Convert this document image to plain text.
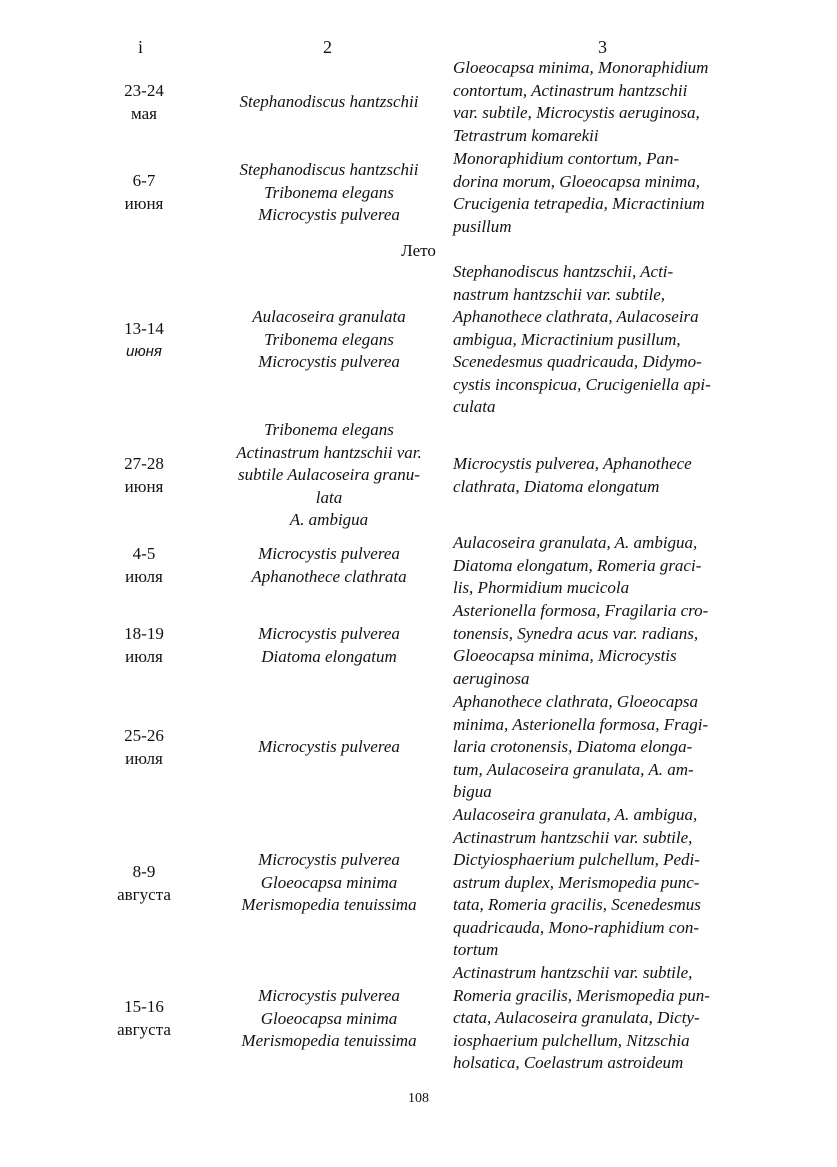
i	2	3
23-24
мая
Stephanodiscus hantzschii
Gloeocapsa minima, Monoraphidium
contortum, Actinastrum hantzschii
var. subtile, Microcystis aeruginosa,
Tetrastrum komarekii
6-7
июня
Stephanodiscus hantzschii
Tribonema elegans
Microcystis pulverea
Monoraphidium contortum, Pan-
dorina morum, Gloeocapsa minima,
Crucigenia tetrapedia, Micractinium
pusillum
Лето
13-14
июня
Aulacoseira granulata
Tribonema elegans
Microcystis pulverea
Stephanodiscus hantzschii, Acti-
nastrum hantzschii var. subtile,
Aphanothece clathrata, Aulacoseira
ambigua, Micractinium pusillum,
Scenedesmus quadricauda, Didymo-
cystis inconspicua, Crucigeniella api-
culata
27-28
июня
Tribonema elegans
Actinastrum hantzschii var.
subtile Aulacoseira granu-
lata
A. ambigua
Microcystis pulverea, Aphanothece
clathrata, Diatoma elongatum
4-5
июля
Microcystis pulverea
Aphanothece clathrata
Aulacoseira granulata, A. ambigua,
Diatoma elongatum, Romeria graci-
lis, Phormidium mucicola
18-19
июля
Microcystis pulverea
Diatoma elongatum
Asterionella formosa, Fragilaria cro-
tonensis, Synedra acus var. radians,
Gloeocapsa minima, Microcystis
aeruginosa
25-26
июля
Microcystis pulverea
Aphanothece clathrata, Gloeocapsa
minima, Asterionella formosa, Fragi-
laria crotonensis, Diatoma elonga-
tum, Aulacoseira granulata, A. am-
bigua
8-9
августа
Microcystis pulverea
Gloeocapsa minima
Merismopedia tenuissima
Aulacoseira granulata, A. ambigua,
Actinastrum hantzschii var. subtile,
Dictyiosphaerium pulchellum, Pedi-
astrum duplex, Merismopedia punc-
tata, Romeria gracilis, Scenedesmus
quadricauda, Mono-raphidium con-
tortum
15-16
августа
Microcystis pulverea
Gloeocapsa minima
Merismopedia tenuissima
Actinastrum hantzschii var. subtile,
Romeria gracilis, Merismopedia pun-
ctata, Aulacoseira granulata, Dicty-
iosphaerium pulchellum, Nitzschia
holsatica, Coelastrum astroideum
108
